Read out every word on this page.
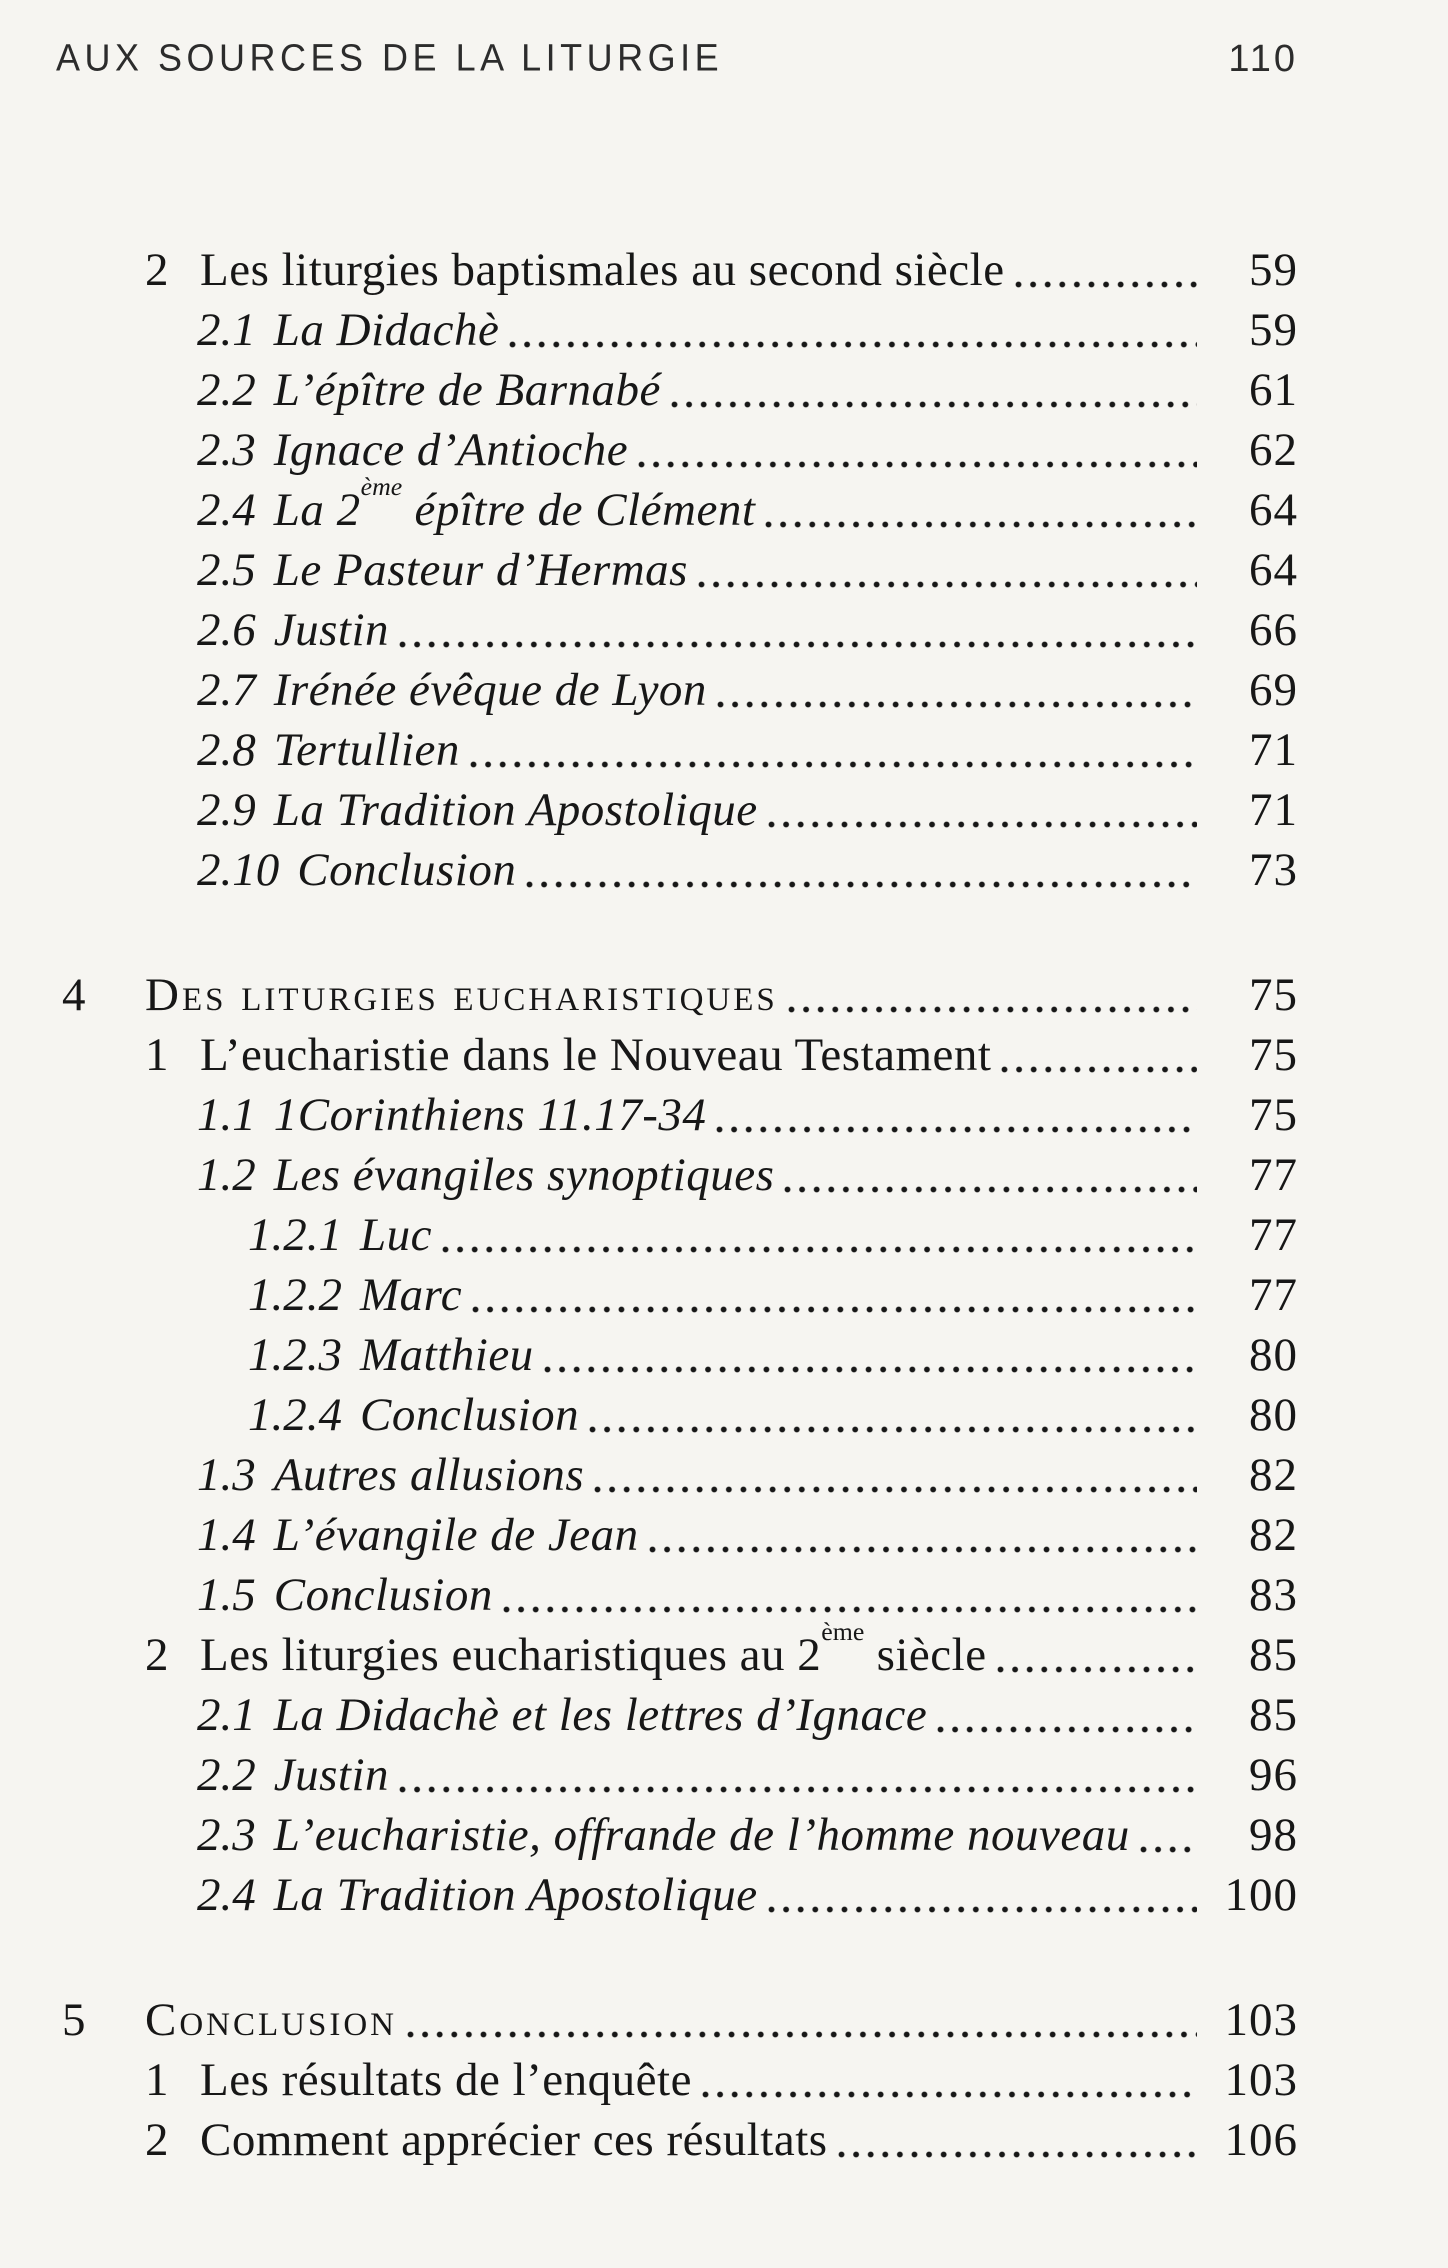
AUX SOURCES DE LA LITURGIE	110
2 Les liturgies baptismales au second siècle	59
2.1 La Didachè	59
2.2 L’épître de Barnabé	61
2.3 Ignace d’Antioche	62
2.4 La 2ème épître de Clément	64
2.5 Le Pasteur d’Hermas	64
2.6 Justin	66
2.7 Irénée évêque de Lyon	69
2.8 Tertullien	71
2.9 La Tradition Apostolique	71
2.10 Conclusion	73
4	Des liturgies eucharistiques	75
1 L’eucharistie dans le Nouveau Testament	75
1.1 1Corinthiens 11.17-34	75
1.2 Les évangiles synoptiques	77
1.2.1 Luc	77
1.2.2 Marc	77
1.2.3 Matthieu	80
1.2.4 Conclusion	80
1.3 Autres allusions	82
1.4 L’évangile de Jean	82
1.5 Conclusion	83
2 Les liturgies eucharistiques au 2ème siècle	85
2.1 La Didachè et les lettres d’Ignace	85
2.2 Justin	96
2.3 L’eucharistie, offrande de l’homme nouveau	98
2.4 La Tradition Apostolique	100
5	Conclusion	103
1 Les résultats de l’enquête	103
2 Comment apprécier ces résultats	106
